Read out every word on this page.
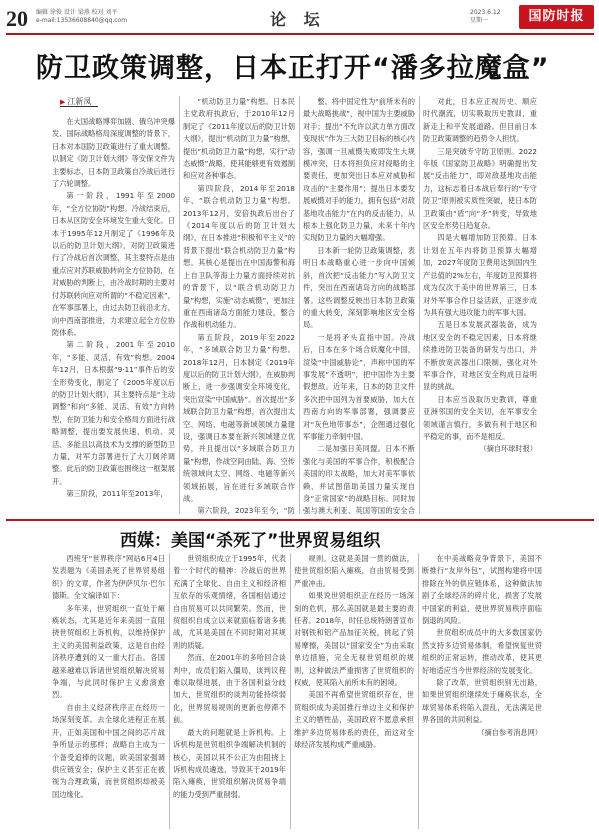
20 编辑 徐俊 设计 梁燕 校对 刘平
e-mail:13536608840@qq.com	论 坛	2023.6.12
星期一	国防时报
防卫政策调整，日本正打开“潘多拉魔盒”
▶ 江新凤

在大国战略博弈加剧、俄乌冲突爆发、国际战略格局深度调整的背景下，日本对本国防卫政策进行了重大调整。以制定《防卫计划大纲》等安保文件为主要标志，日本防卫政策自冷战后进行了六轮调整。

第一阶段，1991年至2000年，“全方位协防”构想。冷战结束后，日本从区防安全环境发生重大变化。日本于1995年12月制定了《1996年及以后的防卫计划大纲》，对防卫政策进行了冷战后首次调整，其主要特点是由重点应对苏联威胁转向全方位协防，在对威胁的判断上，由冷战时期的主要对付苏联转向应对所谓的“不稳定因素”，在军事部署上，由过去防卫前沿北方，向中西南部推进，力求建立起全方位协防体系。

第二阶段，2001年至2010年，“多能、灵活、有效”构想。2004年12月，日本根据“9·11”事件后的安全形势变化，制定了《2005年度以后的防卫计划大纲》，其主要特点是“主动调整”和向“多能、灵活、有效”方向转型，在防卫能力和安全格局方面进行战略调整，提出要发展快速、机动、灵活、多能且以高技术为支撑的新型防卫力量，对军力部署进行了大刀阔斧调整。此后的防卫政策也围绕这一框架展开。

第三阶段，2011年至2013年，

“机动防卫力量”构想。日本民主党政府执政后，于2010年12月制定了《2011年度以后的防卫计划大纲》，提出“机动防卫力量”构想，提出“机动防卫力量”构想，实行“动态威慑”战略，使其能够更有效遏制和应对各种事态。

第四阶段，2014年至2018年，“联合机动防卫力量”构想。2013年12月，安倍执政后出台了《2014年度以后的防卫计划大纲》，在日本推进“积极和平主义”的背景下提出“联合机动防卫力量”构想。其核心是提出在中国海警和海上自卫队等海上力量方面持续对抗的背景下，以“联合机动防卫力量”构想，实施“动态威慑”，更加注重在西南诸岛方面能力建设，整合作战和机动能力。

第五阶段，2019年至2022年，“多域联合防卫力量”构想。2018年12月，日本制定《2019年度以后的防卫计划大纲》，在威胁判断上，进一步强调安全环境变化，突出宣染“中国威胁”。首次提出“多域联合防卫力量”构想，首次提出太空、网络、电磁等新域领域力量建设，强调日本要在新兴领域建立优势，并且提出以“多域联合防卫力量”构想，作战空间由陆、海、空传统领域向太空、网络、电磁等新兴领域拓展，旨在进行多域联合作战。

第六阶段，2023年至今，“防

整。将中国定性为“前所未有的最大战略挑战”，视中国为主要威胁对手；提出“不允许以武力单方面改变现状”作为三大防卫目标的核心内容，强调一旦威慑失败即发生大规模冲突，日本将担负应对侵略的主要责任，更加突出日本应对威胁和攻击的“主要作用”；提出日本要发展威慑对手的能力，拥有包括“对敌基地攻击能力”在内的反击能力，从根本上强化防卫力量，未来十年内实现防卫力量的大幅增强。

日本新一轮防卫政策调整，表明日本战略重心进一步向中国倾斜，首次把“反击能力”写入防卫文件，突出在西南诸岛方向的战略部署。这些调整反映出日本防卫政策的重大转变，深刻影响地区安全格局。

一是将矛头直指中国。冷战后，日本在多个场合妖魔化中国，渲染“中国威胁论”，声称中国的军事发展“不透明”，把中国作为主要假想敌。近年来，日本的防卫文件多次把中国列为首要威胁，加大在西南方向的军事部署，强调要应对“灰色地带事态”，企图通过强化军事能力牵制中国。

二是加强日美同盟。日本不断强化与美国的军事合作，积极配合美国的印太战略，加大对美军事依赖，并试图借助美国力量实现自身“正常国家”的战略目标。同时加强与澳大利亚、英国等国的安全合

对此，日本应正视历史、顺应时代潮流，切实吸取历史教训，重新走上和平发展道路。但目前日本防卫政策调整的趋势令人担忧。

三是突破专守防卫原则。2022年版《国家防卫战略》明确提出发展“反击能力”，即对敌基地攻击能力，这标志着日本战后奉行的“专守防卫”原则被实质性突破，使日本防卫政策由“盾”向“矛”转变，导致地区安全形势日趋复杂。

四是大幅增加防卫预算。日本计划在五年内将防卫预算大幅增加，2027年度防卫费用达到国内生产总值的2%左右，年度防卫预算将成为仅次于美中的世界第三，日本对外军事合作日益活跃，正逐步成为具有强大进攻能力的军事大国。

五是日本发展武器装备，成为地区安全的不稳定因素，日本将继续推进防卫装备的研发与出口，并不断放宽武器出口限制，强化对外军事合作，对地区安全构成日益明显的挑战。

日本应当汲取历史教训，尊重亚洲邻国的安全关切，在军事安全领域谨言慎行，多做有利于地区和平稳定的事，而不是相反。

（摘自环球时报）
西媒：美国“杀死了”世界贸易组织

西班牙“世界秩序”网站6月4日发表题为《美国杀死了世界贸易组织》的文章，作者为伊萨贝尔·巴尔德斯。全文编译如下：

多年来，世贸组织一直处于瘫痪状态，尤其是近年来美国一直阻挠世贸组织上诉机构，以维持保护主义的美国利益政策，这是自由经济秩序遭到的又一重大打击。各国越来越难以诉诸世贸组织解决贸易争端，与此同时保护主义愈演愈烈。

自由主义经济秩序正在经历一场深刻变革。去全球化进程正在展开，正如美国和中国之间的芯片战争所显示的那样；战略自主成为一个备受追捧的议题，欧美国家强调供应链安全；保护主义甚至正在被视为合理政策，而世贸组织却被美国边缘化。

世贸组织成立于1995年，代表着一个时代的精神：冷战后的世界充满了全球化、自由主义和经济相互依存的乐观情绪，各国相信通过自由贸易可以共同繁荣。然而，世贸组织自成立以来就面临着诸多挑战，尤其是美国在不同时期对其规则的质疑。

然而，在2001年的多哈回合谈判中，成员们陷入僵局，谈判议程难以取得进展，由于各国利益分歧加大，世贸组织的谈判功能持续弱化，世界贸易规则的更新也停滞不前。

最大的问题就是上诉机构。上诉机构是世贸组织争端解决机制的核心，美国以其不公正为由阻挠上诉机构成员遴选，导致其于2019年陷入瘫痪，世贸组织解决贸易争端的能力受到严重削弱。

规则。这就是美国一贯的做法，使世贸组织陷入瘫痪，自由贸易受到严重冲击。

如果说世贸组织正在经历一场深刻的危机，那么美国就是最主要的责任者。2018年，时任总统特朗普宣布对钢铁和铝产品加征关税，挑起了贸易摩擦，美国以“国家安全”为由采取单边措施，完全无视世贸组织的规则，这种做法严重损害了世贸组织的权威，使其陷入前所未有的困境。

美国不再希望世贸组织存在，世贸组织成为美国推行单边主义和保护主义的牺牲品，美国政府不愿意承担维护多边贸易体系的责任，而这对全球经济发展构成严重威胁。

在中美战略竞争背景下，美国不断推行“友岸外包”，试图构建将中国排除在外的供应链体系，这种做法加剧了全球经济的碎片化，损害了发展中国家的利益，使世界贸易秩序面临倒退的风险。

世贸组织成员中的大多数国家仍然支持多边贸易体制，希望恢复世贸组织的正常运转，推动改革，使其更好地适应当今世界经济的发展变化。

除了改革，世贸组织别无出路，如果世贸组织继续处于瘫痪状态，全球贸易体系将陷入混乱，无法满足世界各国的共同利益。

（摘自参考消息网）
